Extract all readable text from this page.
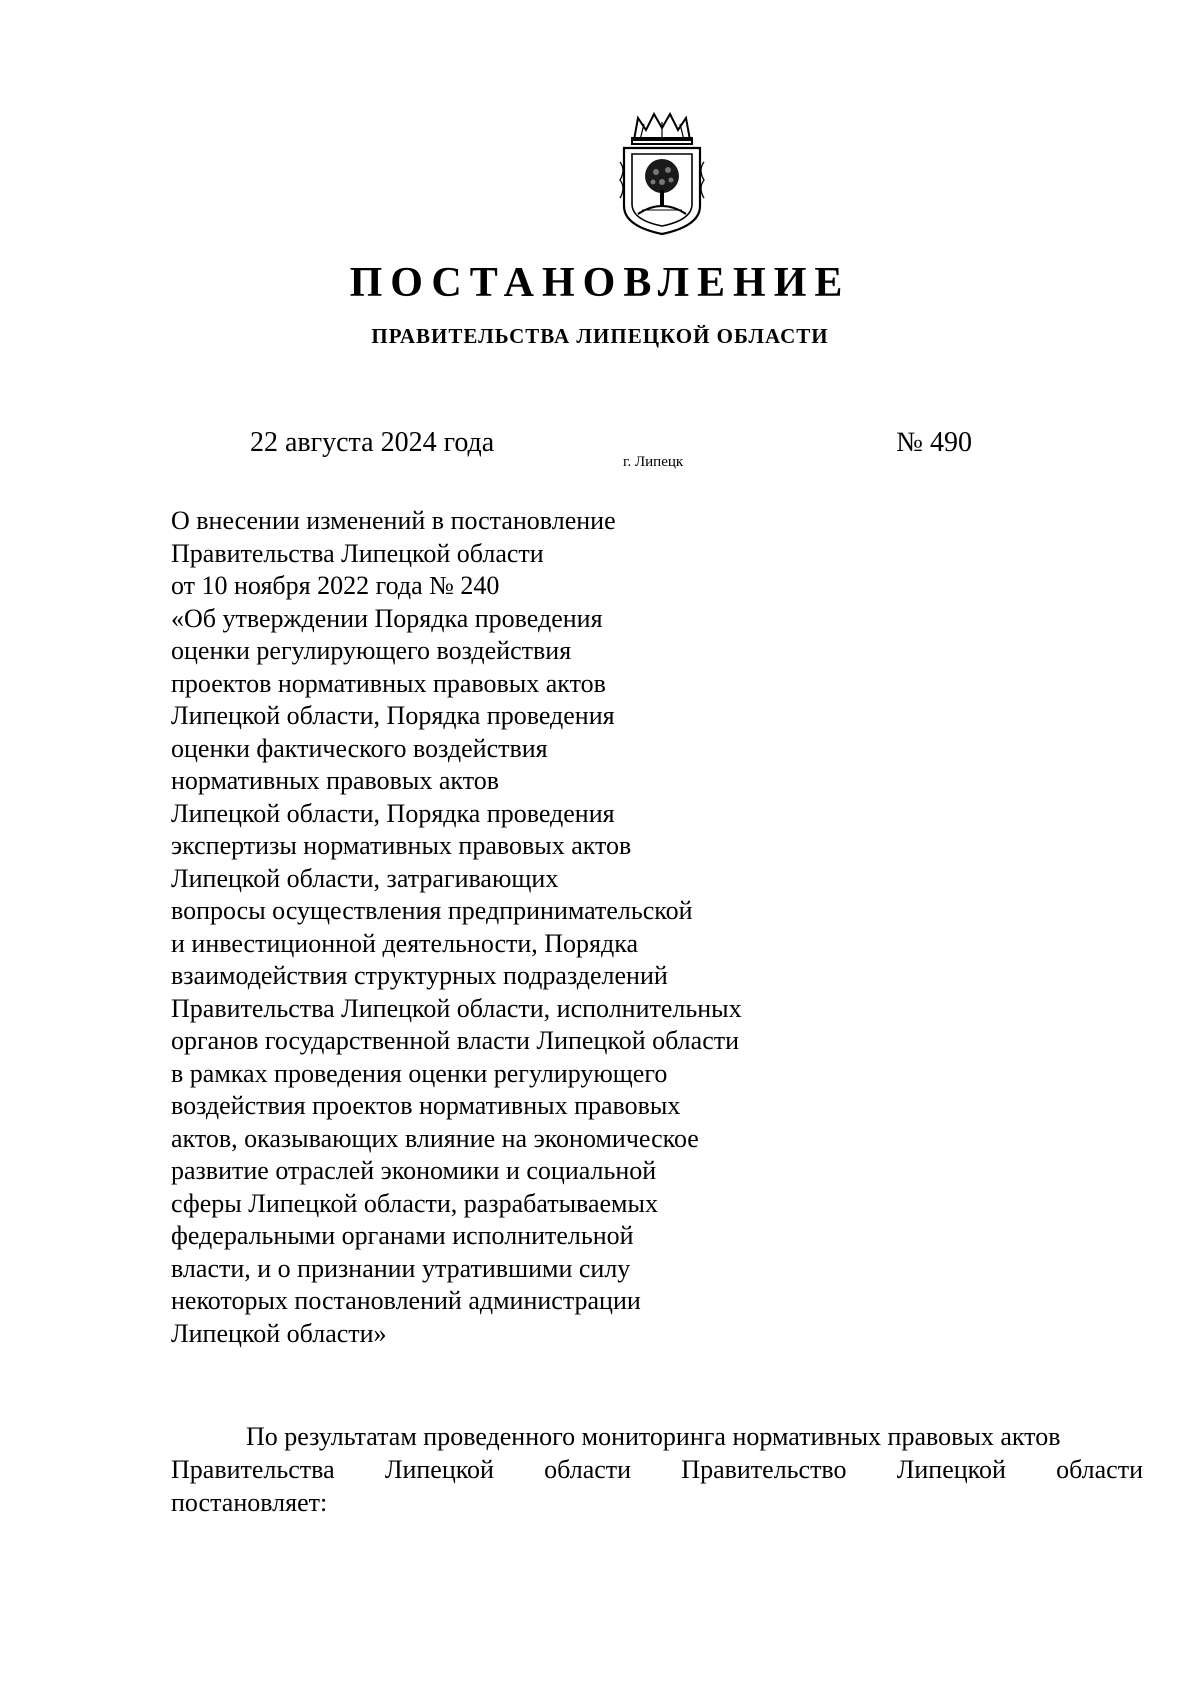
ПОСТАНОВЛЕНИЕ
ПРАВИТЕЛЬСТВА ЛИПЕЦКОЙ ОБЛАСТИ
22 августа 2024 года
г. Липецк
№ 490
О внесении изменений в постановление
Правительства Липецкой области
от 10 ноября 2022 года № 240
«Об утверждении Порядка проведения
оценки регулирующего воздействия
проектов нормативных правовых актов
Липецкой области, Порядка проведения
оценки фактического воздействия
нормативных правовых актов
Липецкой области, Порядка проведения
экспертизы нормативных правовых актов
Липецкой области, затрагивающих
вопросы осуществления предпринимательской
и инвестиционной деятельности, Порядка
взаимодействия структурных подразделений
Правительства Липецкой области, исполнительных
органов государственной власти Липецкой области
в рамках проведения оценки регулирующего
воздействия проектов нормативных правовых
актов, оказывающих влияние на экономическое
развитие отраслей экономики и социальной
сферы Липецкой области, разрабатываемых
федеральными органами исполнительной
власти, и о признании утратившими силу
некоторых постановлений администрации
Липецкой области»
По результатам проведенного мониторинга нормативных правовых актов
Правительства Липецкой области Правительство Липецкой области
постановляет:
